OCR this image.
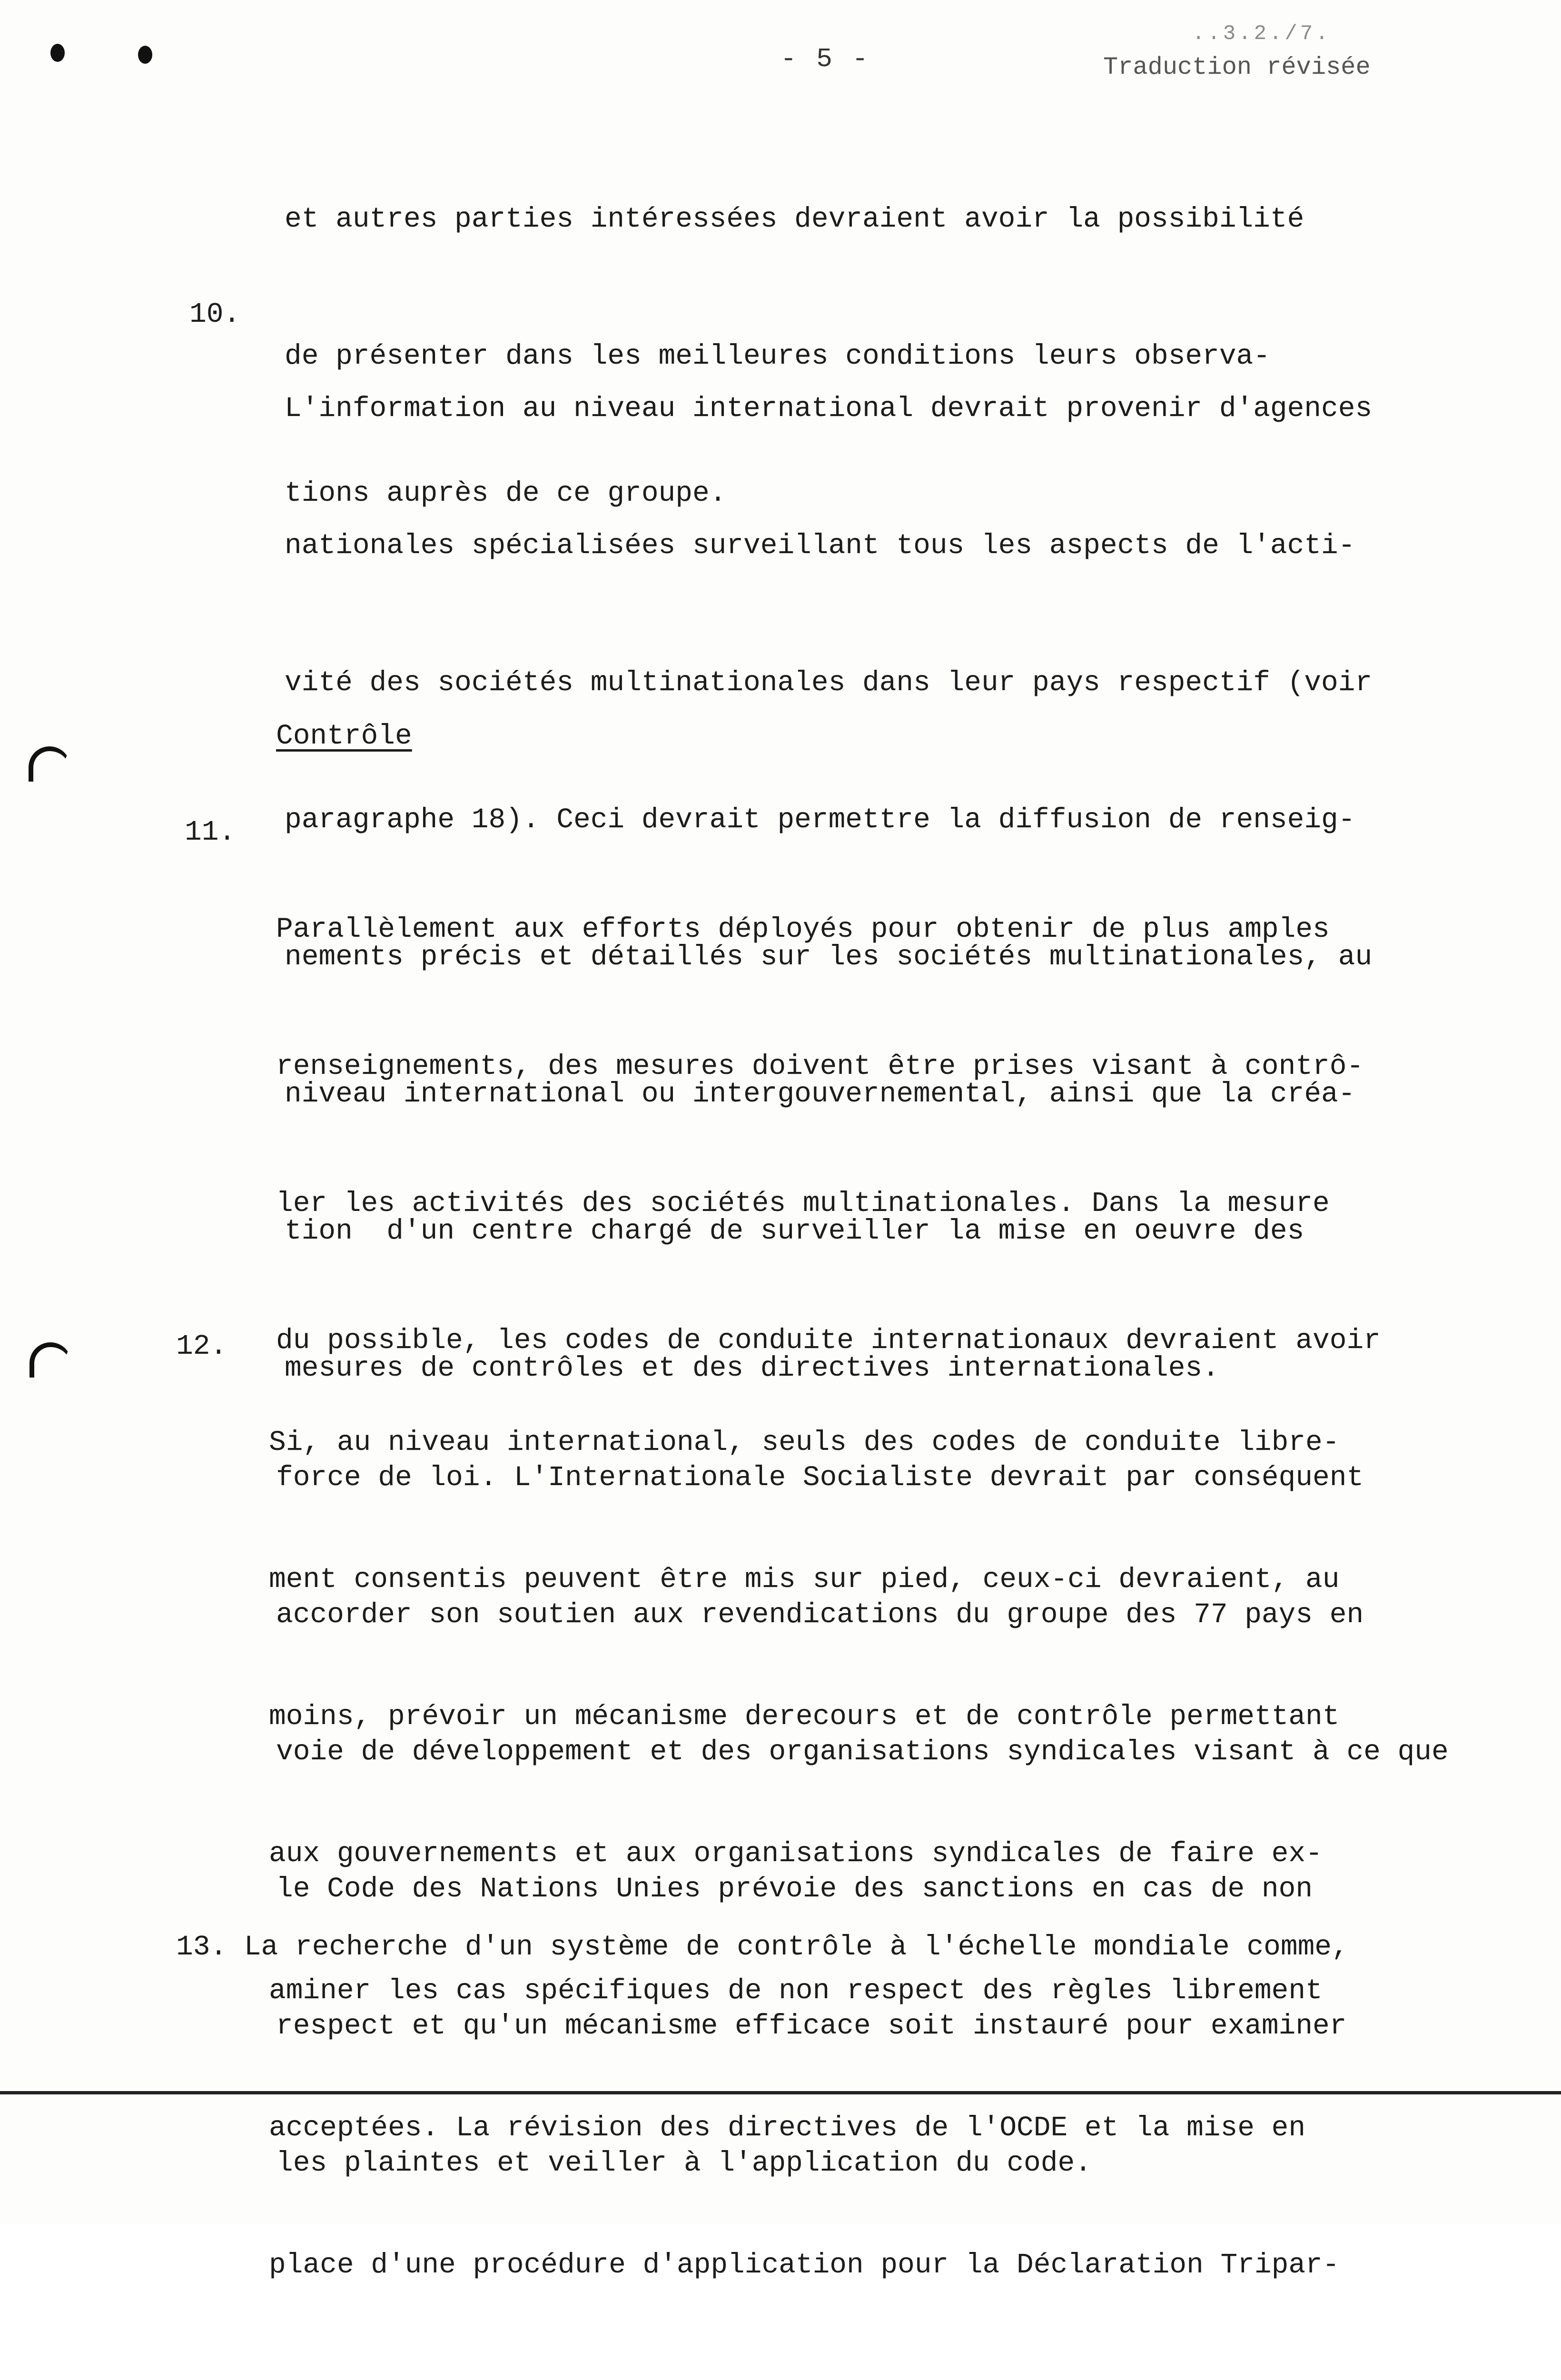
- 5 -
..3.2./7.
Traduction révisée

et autres parties intéressées devraient avoir la possibilité

de présenter dans les meilleures conditions leurs observa-

tions auprès de ce groupe.

10.

L'information au niveau international devrait provenir d'agences

nationales spécialisées surveillant tous les aspects de l'acti-

vité des sociétés multinationales dans leur pays respectif (voir

paragraphe 18). Ceci devrait permettre la diffusion de renseig-

nements précis et détaillés sur les sociétés multinationales, au

niveau international ou intergouvernemental, ainsi que la créa-

tion  d'un centre chargé de surveiller la mise en oeuvre des

mesures de contrôles et des directives internationales.

Contrôle
11.

Parallèlement aux efforts déployés pour obtenir de plus amples

renseignements, des mesures doivent être prises visant à contrô-

ler les activités des sociétés multinationales. Dans la mesure

du possible, les codes de conduite internationaux devraient avoir

force de loi. L'Internationale Socialiste devrait par conséquent

accorder son soutien aux revendications du groupe des 77 pays en

voie de développement et des organisations syndicales visant à ce que

le Code des Nations Unies prévoie des sanctions en cas de non

respect et qu'un mécanisme efficace soit instauré pour examiner

les plaintes et veiller à l'application du code.

12.

Si, au niveau international, seuls des codes de conduite libre-

ment consentis peuvent être mis sur pied, ceux-ci devraient, au

moins, prévoir un mécanisme derecours et de contrôle permettant

aux gouvernements et aux organisations syndicales de faire ex-

aminer les cas spécifiques de non respect des règles librement

acceptées. La révision des directives de l'OCDE et la mise en

place d'une procédure d'application pour la Déclaration Tripar-

13. La recherche d'un système de contrôle à l'échelle mondiale comme,
